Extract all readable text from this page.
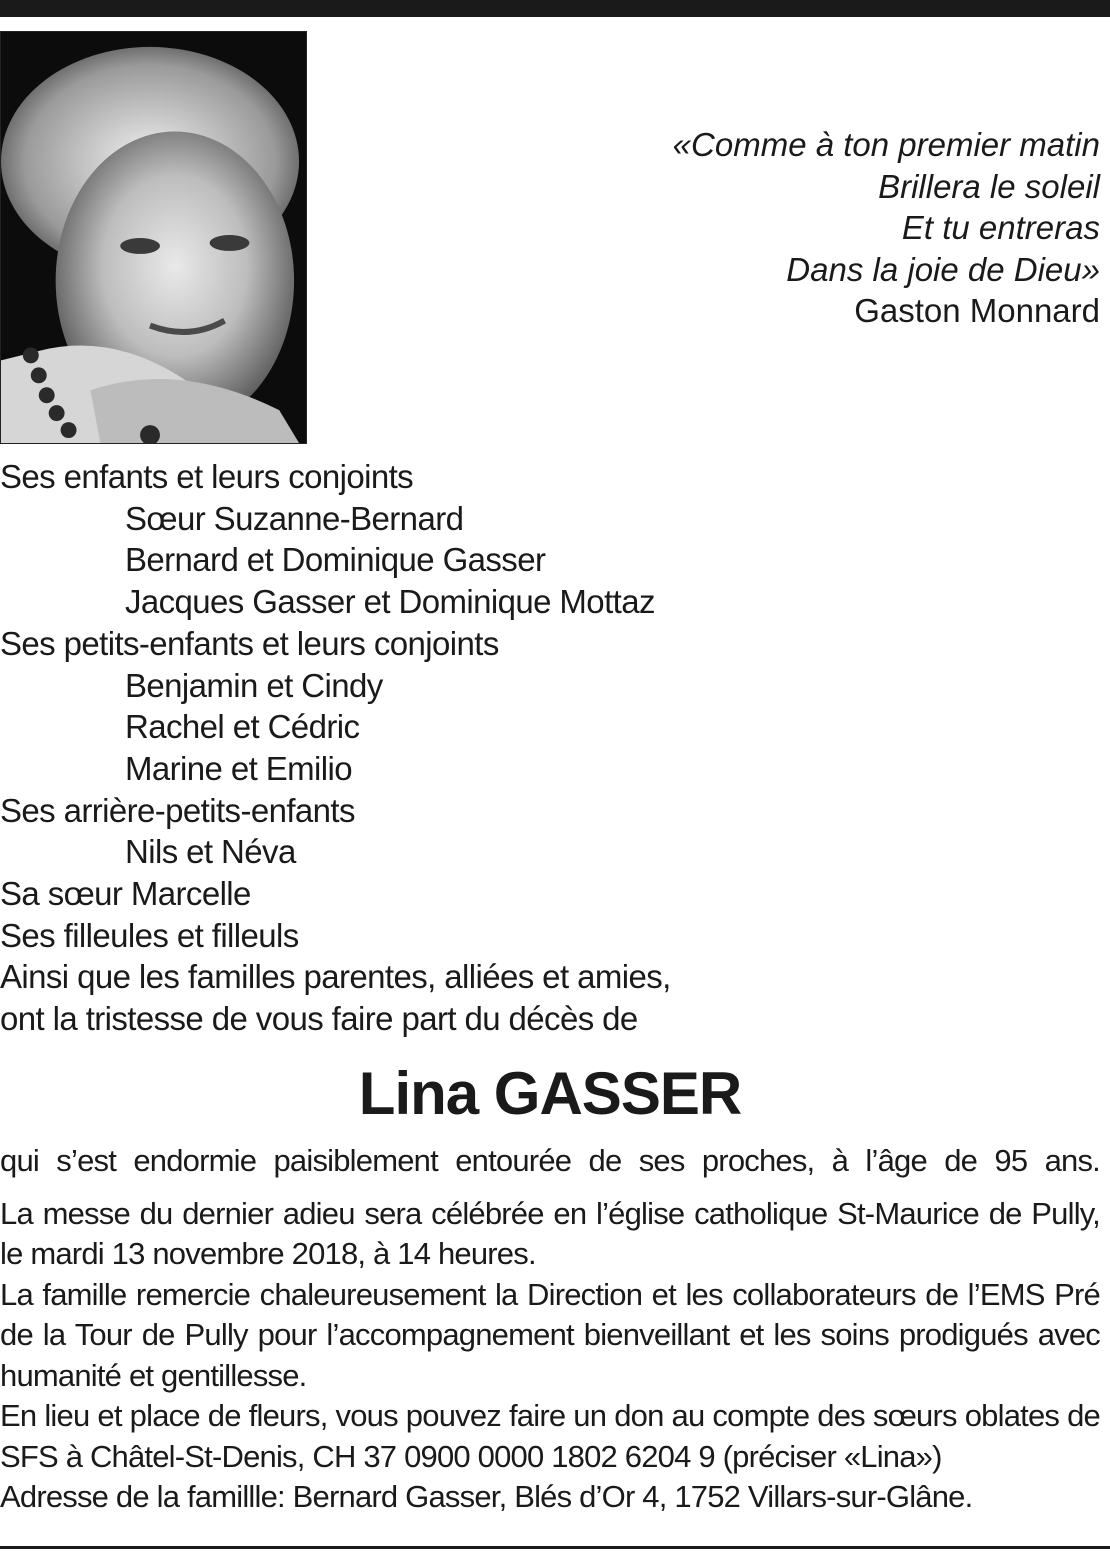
«Comme à ton premier matin
Brillera le soleil
Et tu entreras
Dans la joie de Dieu»
Gaston Monnard
Ses enfants et leurs conjoints
Sœur Suzanne-Bernard
Bernard et Dominique Gasser
Jacques Gasser et Dominique Mottaz
Ses petits-enfants et leurs conjoints
Benjamin et Cindy
Rachel et Cédric
Marine et Emilio
Ses arrière-petits-enfants
Nils et Néva
Sa sœur Marcelle
Ses filleules et filleuls
Ainsi que les familles parentes, alliées et amies,
ont la tristesse de vous faire part du décès de
Lina GASSER

qui s’est endormie paisiblement entourée de ses proches, à l’âge de 95 ans.

La messe du dernier adieu sera célébrée en l’église catholique St-Maurice de Pully, le mardi 13 novembre 2018, à 14 heures.

La famille remercie chaleureusement la Direction et les collaborateurs de l’EMS Pré de la Tour de Pully pour l’accompagnement bienveillant et les soins prodigués avec humanité et gentillesse.

En lieu et place de fleurs, vous pouvez faire un don au compte des sœurs oblates de SFS à Châtel-St-Denis, CH 37 0900 0000 1802 6204 9 (préciser «Lina»)

Adresse de la famillle: Bernard Gasser, Blés d’Or 4, 1752 Villars-sur-Glâne.
